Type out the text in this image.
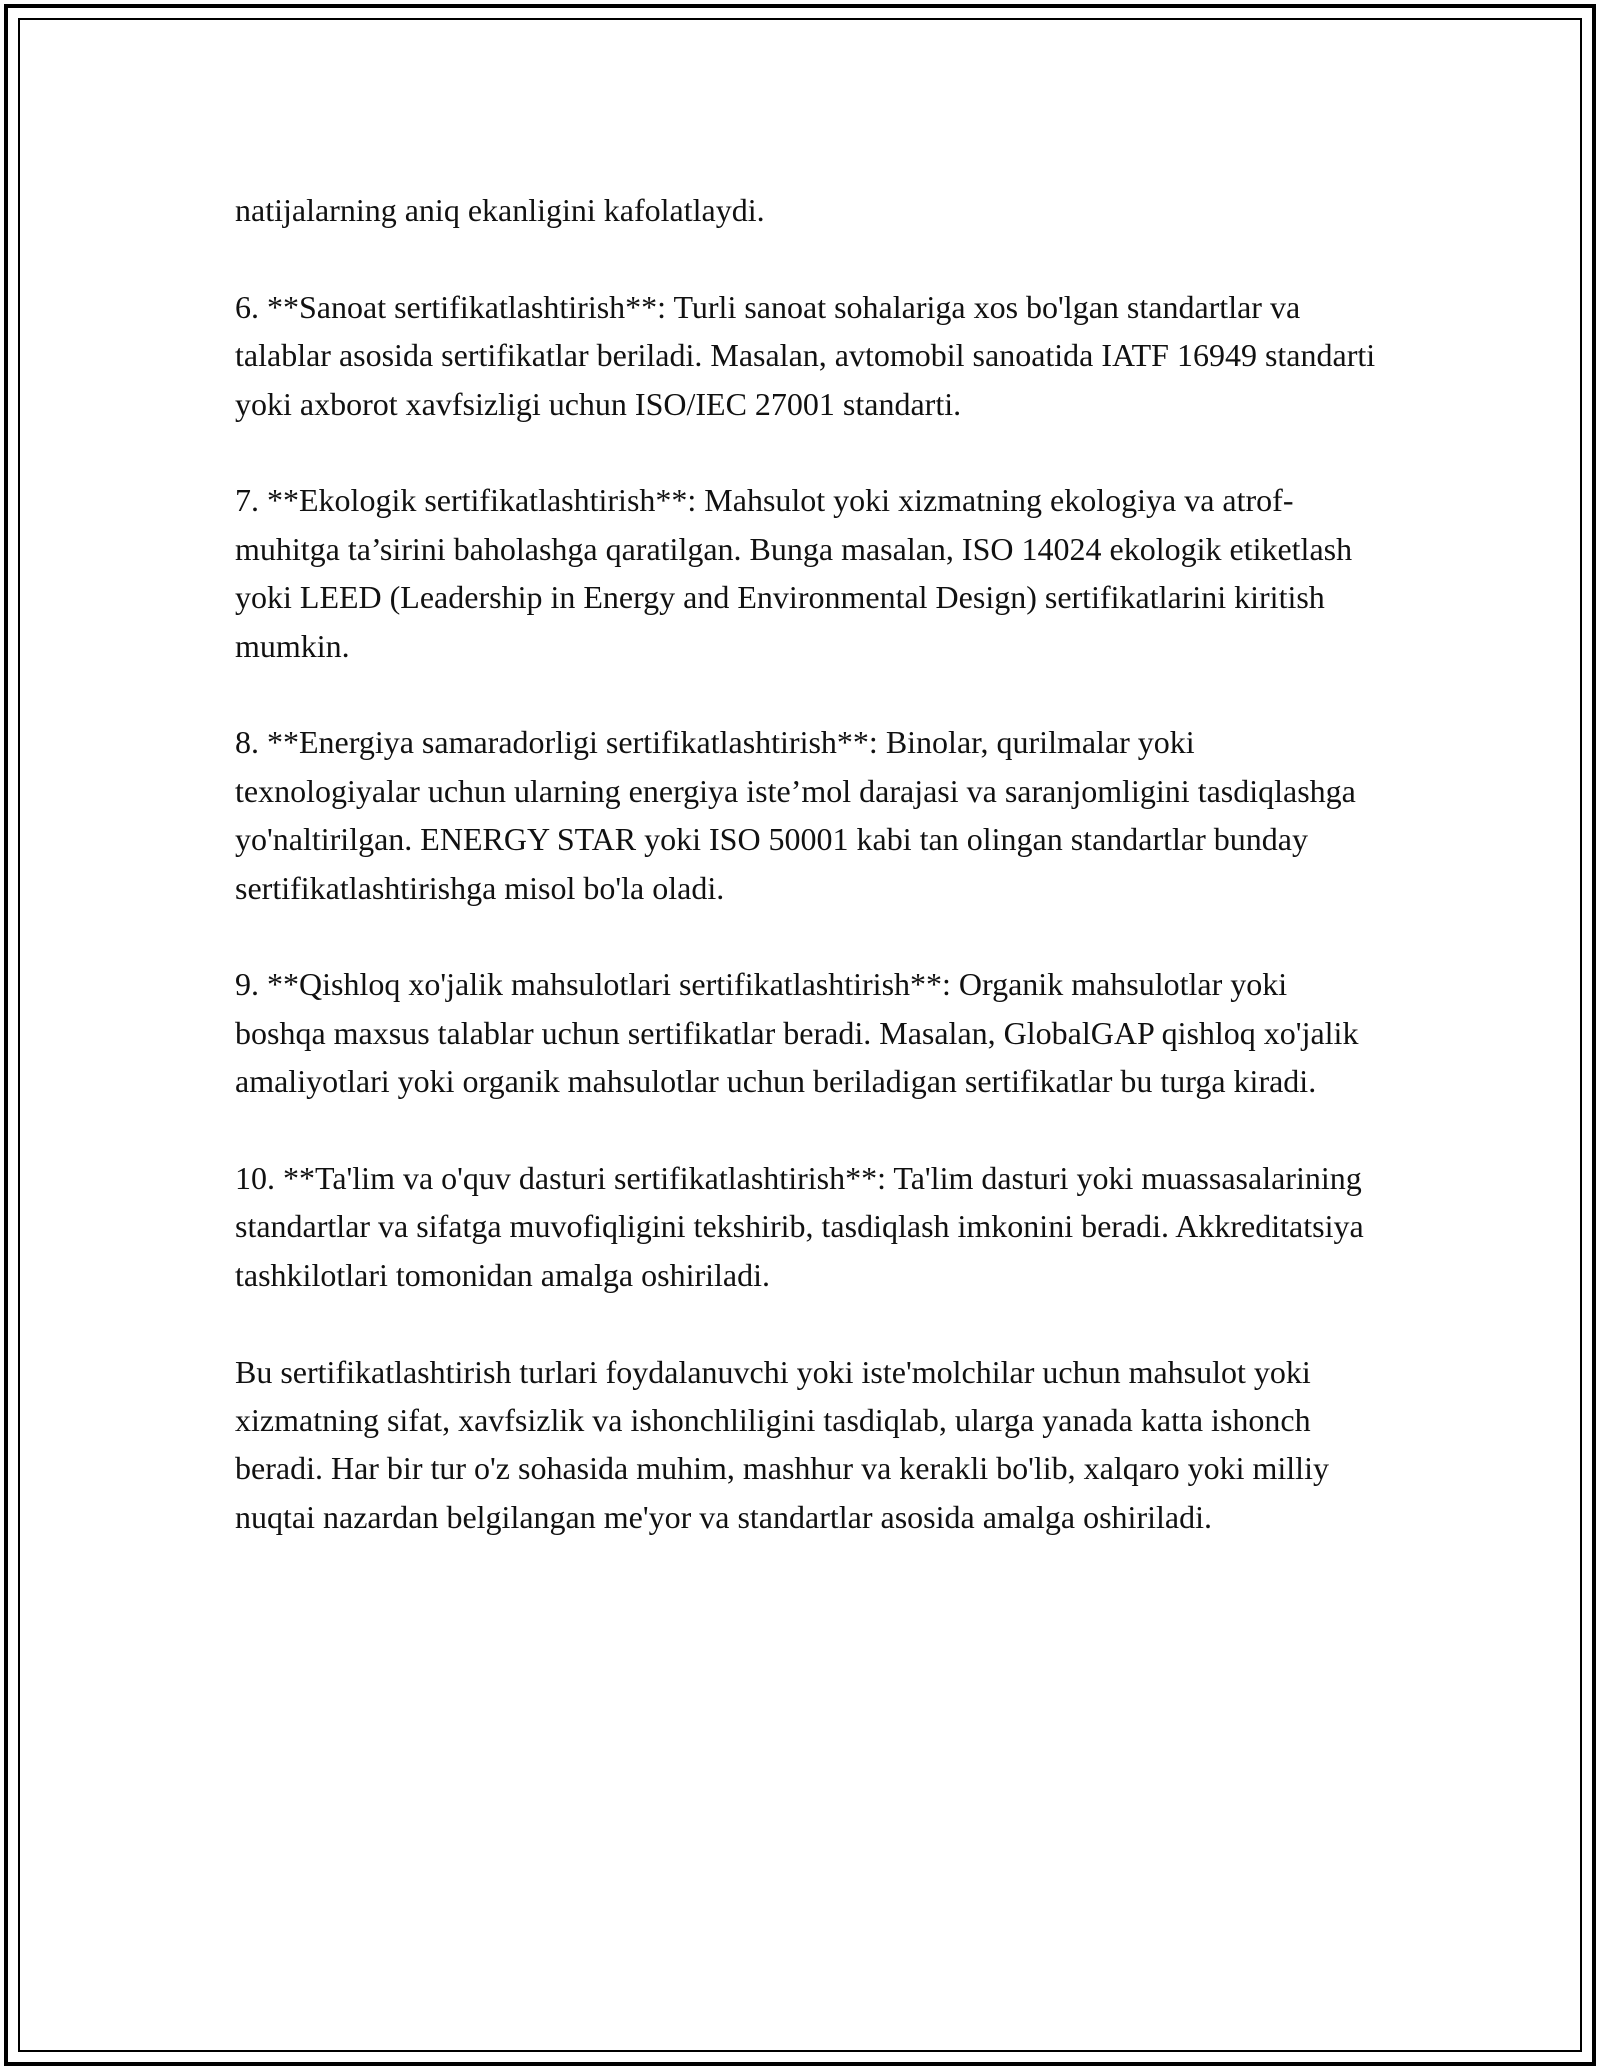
natijalarning aniq ekanligini kafolatlaydi.

6. **Sanoat sertifikatlashtirish**: Turli sanoat sohalariga xos bo'lgan standartlar va talablar asosida sertifikatlar beriladi. Masalan, avtomobil sanoatida IATF 16949 standarti yoki axborot xavfsizligi uchun ISO/IEC 27001 standarti.

7. **Ekologik sertifikatlashtirish**: Mahsulot yoki xizmatning ekologiya va atrof-muhitga ta’sirini baholashga qaratilgan. Bunga masalan, ISO 14024 ekologik etiketlash yoki LEED (Leadership in Energy and Environmental Design) sertifikatlarini kiritish mumkin.

8. **Energiya samaradorligi sertifikatlashtirish**: Binolar, qurilmalar yoki texnologiyalar uchun ularning energiya iste’mol darajasi va saranjomligini tasdiqlashga yo'naltirilgan. ENERGY STAR yoki ISO 50001 kabi tan olingan standartlar bunday sertifikatlashtirishga misol bo'la oladi.

9. **Qishloq xo'jalik mahsulotlari sertifikatlashtirish**: Organik mahsulotlar yoki boshqa maxsus talablar uchun sertifikatlar beradi. Masalan, GlobalGAP qishloq xo'jalik amaliyotlari yoki organik mahsulotlar uchun beriladigan sertifikatlar bu turga kiradi.

10. **Ta'lim va o'quv dasturi sertifikatlashtirish**: Ta'lim dasturi yoki muassasalarining standartlar va sifatga muvofiqligini tekshirib, tasdiqlash imkonini beradi. Akkreditatsiya tashkilotlari tomonidan amalga oshiriladi.

Bu sertifikatlashtirish turlari foydalanuvchi yoki iste'molchilar uchun mahsulot yoki xizmatning sifat, xavfsizlik va ishonchliligini tasdiqlab, ularga yanada katta ishonch beradi. Har bir tur o'z sohasida muhim, mashhur va kerakli bo'lib, xalqaro yoki milliy nuqtai nazardan belgilangan me'yor va standartlar asosida amalga oshiriladi.
